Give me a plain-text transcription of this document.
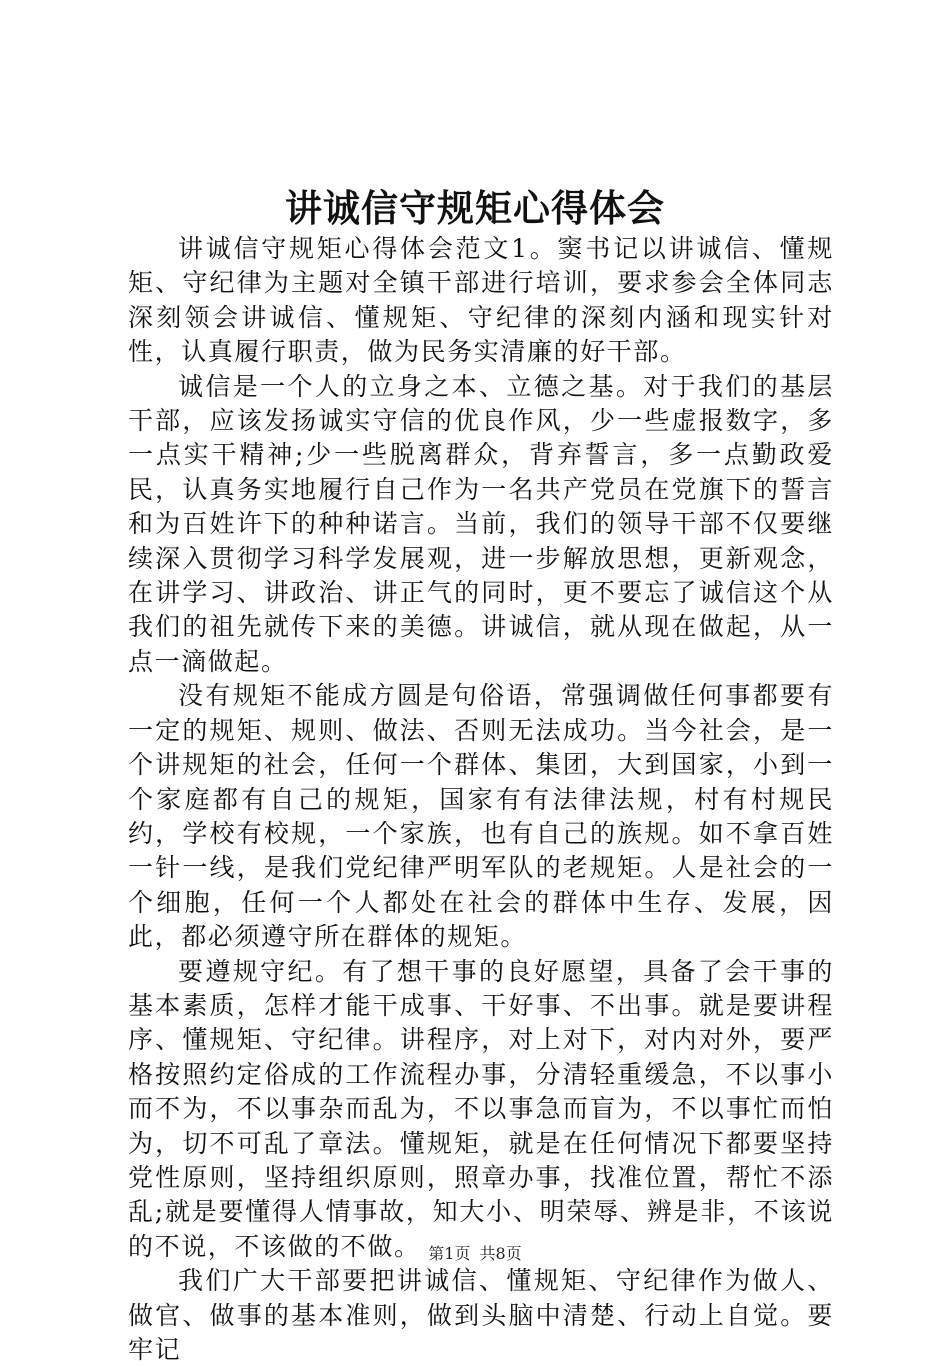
讲诚信守规矩心得体会

讲诚信守规矩心得体会范文1。窦书记以讲诚信、懂规矩、守纪律为主题对全镇干部进行培训，要求参会全体同志深刻领会讲诚信、懂规矩、守纪律的深刻内涵和现实针对性，认真履行职责，做为民务实清廉的好干部。

诚信是一个人的立身之本、立德之基。对于我们的基层干部，应该发扬诚实守信的优良作风，少一些虚报数字，多一点实干精神;少一些脱离群众，背弃誓言，多一点勤政爱民，认真务实地履行自己作为一名共产党员在党旗下的誓言和为百姓许下的种种诺言。当前，我们的领导干部不仅要继续深入贯彻学习科学发展观，进一步解放思想，更新观念，在讲学习、讲政治、讲正气的同时，更不要忘了诚信这个从我们的祖先就传下来的美德。讲诚信，就从现在做起，从一点一滴做起。

没有规矩不能成方圆是句俗语，常强调做任何事都要有一定的规矩、规则、做法、否则无法成功。当今社会，是一个讲规矩的社会，任何一个群体、集团，大到国家，小到一个家庭都有自己的规矩，国家有有法律法规，村有村规民约，学校有校规，一个家族，也有自己的族规。如不拿百姓一针一线，是我们党纪律严明军队的老规矩。人是社会的一个细胞，任何一个人都处在社会的群体中生存、发展，因此，都必须遵守所在群体的规矩。

要遵规守纪。有了想干事的良好愿望，具备了会干事的基本素质，怎样才能干成事、干好事、不出事。就是要讲程序、懂规矩、守纪律。讲程序，对上对下，对内对外，要严格按照约定俗成的工作流程办事，分清轻重缓急，不以事小而不为，不以事杂而乱为，不以事急而盲为，不以事忙而怕为，切不可乱了章法。懂规矩，就是在任何情况下都要坚持党性原则，坚持组织原则，照章办事，找准位置，帮忙不添乱;就是要懂得人情事故，知大小、明荣辱、辨是非，不该说的不说，不该做的不做。

我们广大干部要把讲诚信、懂规矩、守纪律作为做人、做官、做事的基本准则，做到头脑中清楚、行动上自觉。要牢记

第1页 共8页
